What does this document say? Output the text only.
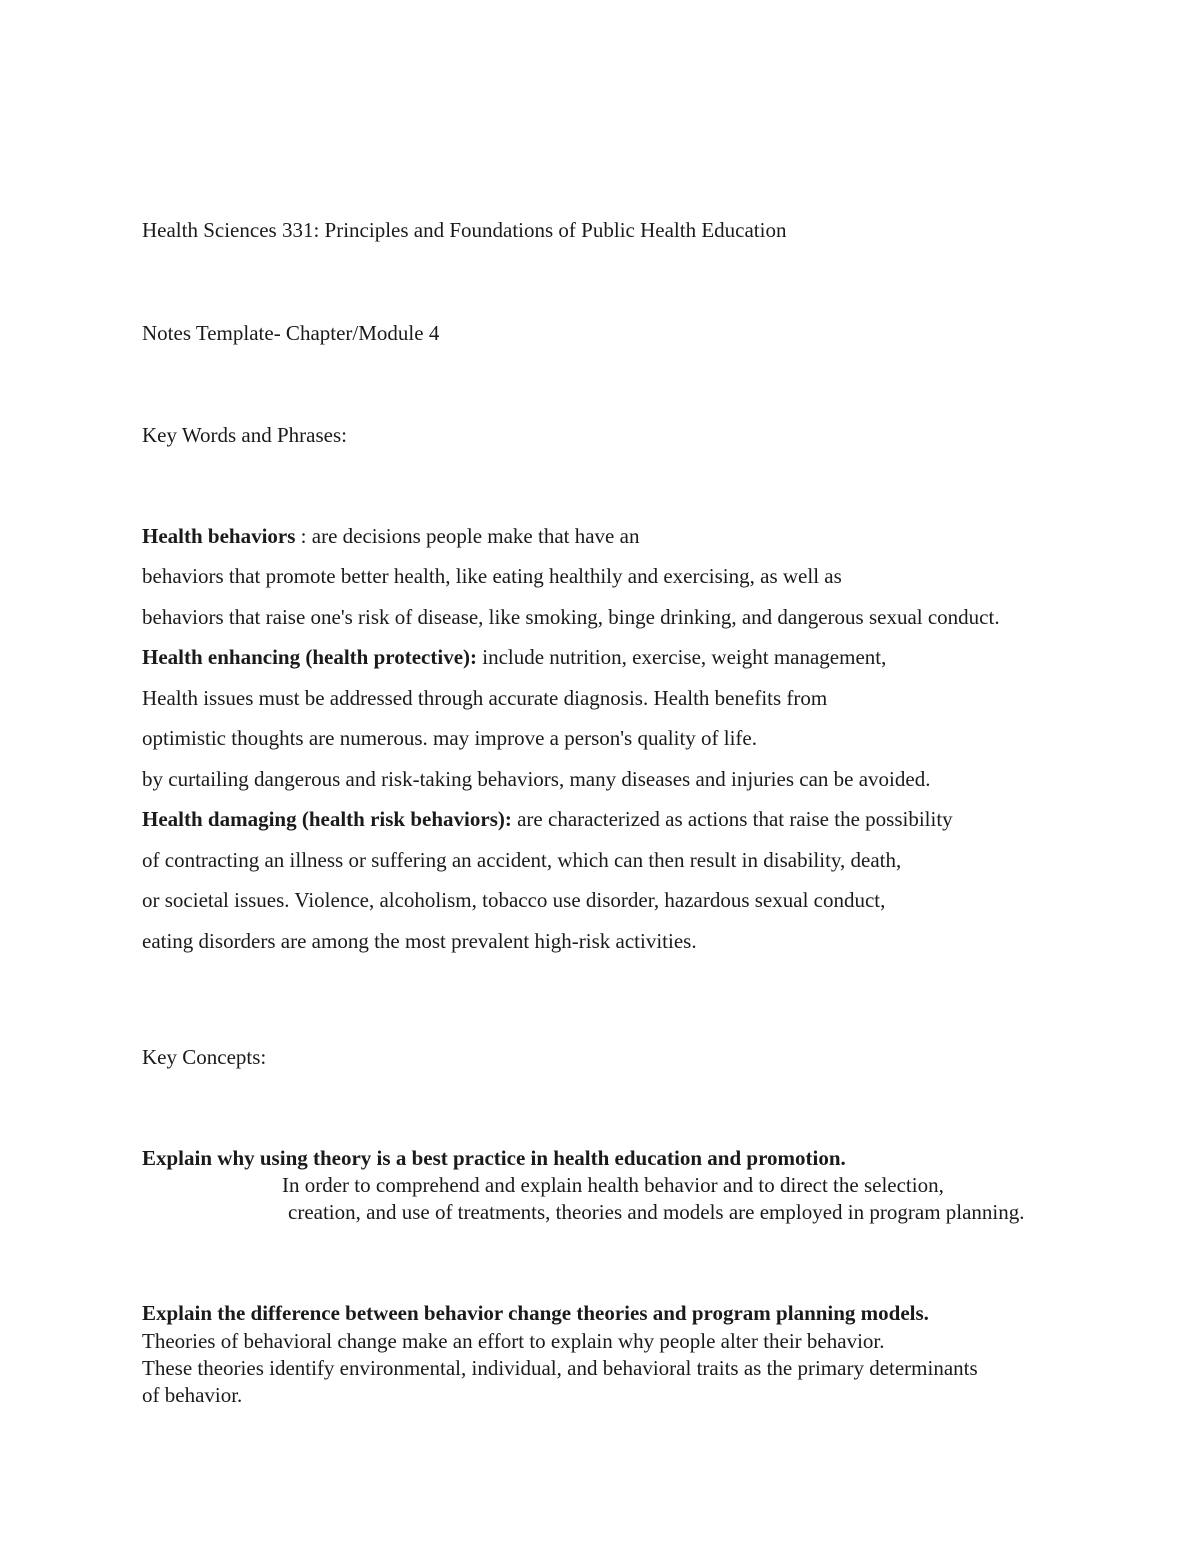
Health Sciences 331: Principles and Foundations of Public Health Education
Notes Template- Chapter/Module 4
Key Words and Phrases:
Health behaviors : are decisions people make that have an
behaviors that promote better health, like eating healthily and exercising, as well as
behaviors that raise one's risk of disease, like smoking, binge drinking, and dangerous sexual conduct.
Health enhancing (health protective): include nutrition, exercise, weight management,
Health issues must be addressed through accurate diagnosis. Health benefits from
optimistic thoughts are numerous. may improve a person's quality of life.
by curtailing dangerous and risk-taking behaviors, many diseases and injuries can be avoided.
Health damaging (health risk behaviors): are characterized as actions that raise the possibility
of contracting an illness or suffering an accident, which can then result in disability, death,
or societal issues. Violence, alcoholism, tobacco use disorder, hazardous sexual conduct,
eating disorders are among the most prevalent high-risk activities.
Key Concepts:
Explain why using theory is a best practice in health education and promotion.
In order to comprehend and explain health behavior and to direct the selection,
creation, and use of treatments, theories and models are employed in program planning.
Explain the difference between behavior change theories and program planning models.
Theories of behavioral change make an effort to explain why people alter their behavior.
These theories identify environmental, individual, and behavioral traits as the primary determinants
of behavior.
